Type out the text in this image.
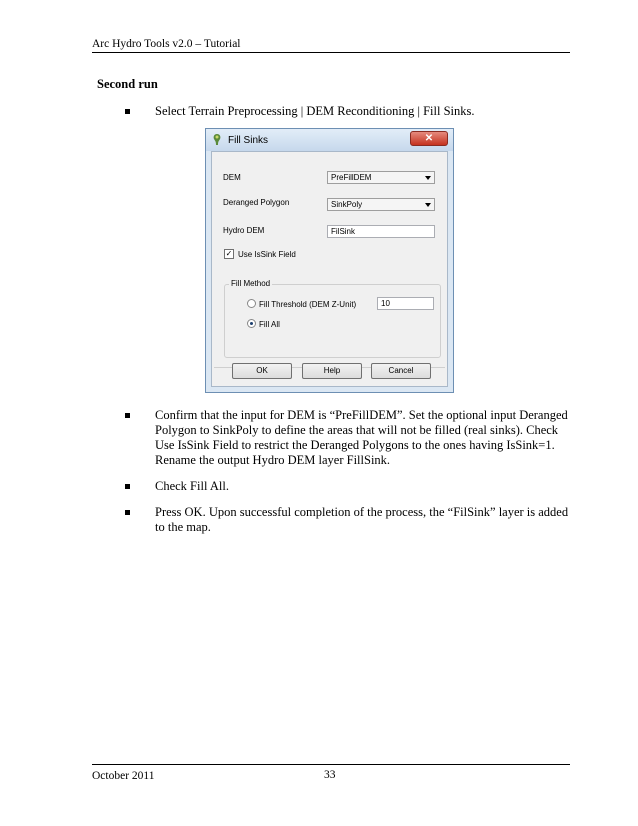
Arc Hydro Tools v2.0 – Tutorial
Second run
Select Terrain Preprocessing | DEM Reconditioning | Fill Sinks.
Fill Sinks	✕
DEM	PreFillDEM
Deranged Polygon	SinkPoly
Hydro DEM	FilSink
✓ Use IsSink Field
Fill Method
Fill Threshold (DEM Z-Unit)	10
Fill All
OK	Help	Cancel
Confirm that the input for DEM is “PreFillDEM”. Set the optional input Deranged Polygon to SinkPoly to define the areas that will not be filled (real sinks). Check Use IsSink Field to restrict the Deranged Polygons to the ones having IsSink=1. Rename the output Hydro DEM layer FillSink.
Check Fill All.
Press OK. Upon successful completion of the process, the “FilSink” layer is added to the map.
October 2011	33
